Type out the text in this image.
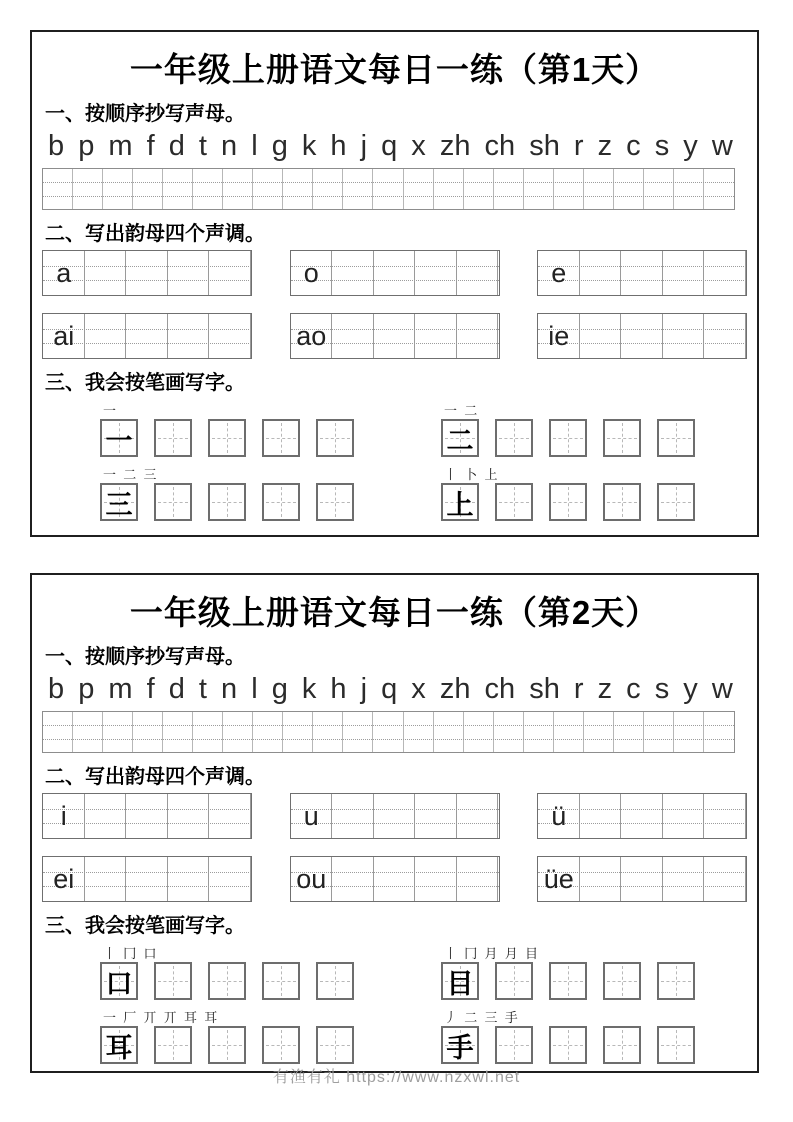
一年级上册语文每日一练（第1天）
一、按顺序抄写声母。
b p m f d t n l g k h j q x zh ch sh r z c s y w
二、写出韵母四个声调。
a	o	e
ai	ao	ie
三、我会按笔画写字。
一
一
一 二
二
一 二 三
三
丨 卜 上
上
一年级上册语文每日一练（第2天）
一、按顺序抄写声母。
b p m f d t n l g k h j q x zh ch sh r z c s y w
二、写出韵母四个声调。
i	u	ü
ei	ou	üe
三、我会按笔画写字。
丨 冂 口
口
丨 冂 月 月 目
目
一 厂 丌 丌 耳 耳
耳
丿 二 三 手
手
有渔有礼 https://www.nzxwl.net
